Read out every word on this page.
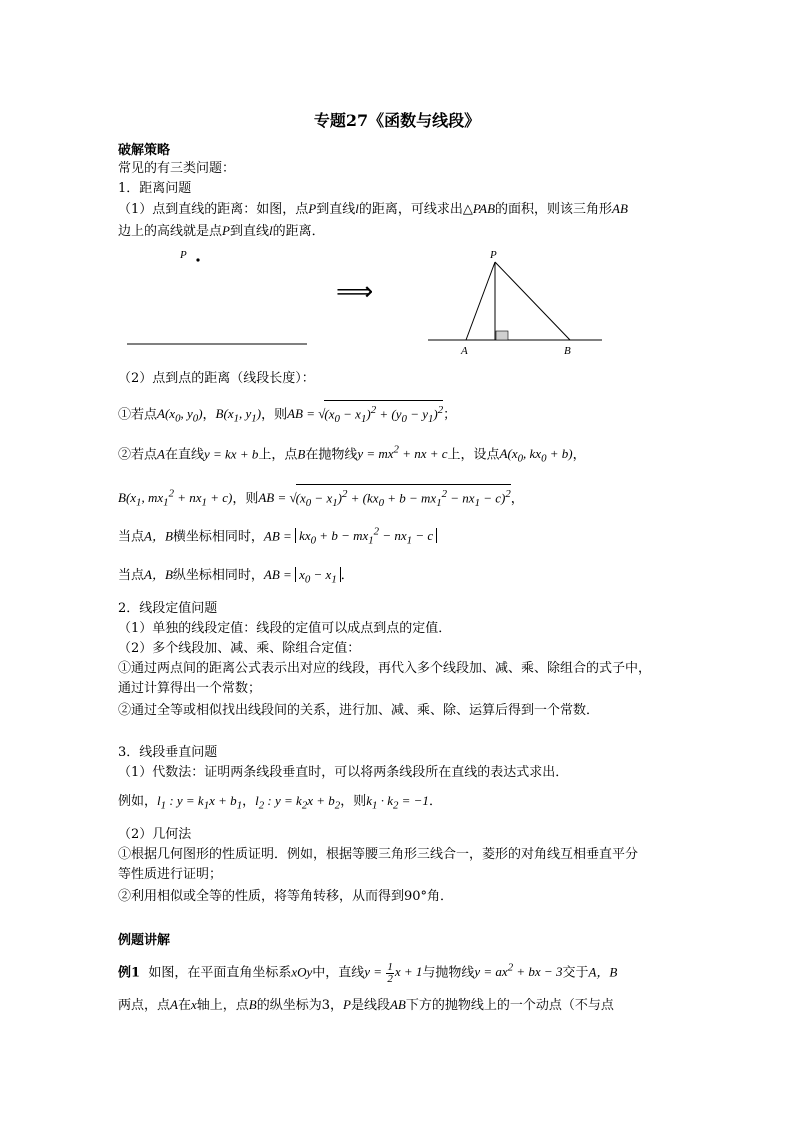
专题27《函数与线段》
破解策略
常见的有三类问题：
1．距离问题
（1）点到直线的距离：如图，点P到直线l的距离，可线求出△PAB的面积，则该三角形AB
边上的高线就是点P到直线l的距离．
P
⟹
P
A	B
（2）点到点的距离（线段长度）：
①若点$A(x_0$, $y_0$)，$B(x_1$, $y_1$)，则AB = $√(x_0 - x_1)^2 + (y_0 - y_1)^2$；
②若点A在直线y = kx + b上，点B在抛物线$y = mx^2$ + nx + c上，设点$A(x_0$, $kx_0 + b$)，
$B(x_1$, $mx_1^2 + nx_1 + c$)，则AB = $√(x_0 - x_1)^2 + (kx_0 + b - mx_1^2 - nx_1 - c)^2$，
当点A，B横坐标相同时，AB = $kx_0 + b - mx_1^2 - nx_1 - c$
当点A，B纵坐标相同时，AB = $x_0 - x_1$ ．
2．线段定值问题
（1）单独的线段定值：线段的定值可以成点到点的定值．
（2）多个线段加、减、乘、除组合定值：
①通过两点间的距离公式表示出对应的线段，再代入多个线段加、减、乘、除组合的式子中，
通过计算得出一个常数；
②通过全等或相似找出线段间的关系，进行加、减、乘、除、运算后得到一个常数．
3．线段垂直问题
（1）代数法：证明两条线段垂直时，可以将两条线段所在直线的表达式求出．
例如，$l_1$ : $y = k_1x + b_1$，$l_2$ : $y = k_2x + b_2$，则$k_1 \cdot k_2 = -1$．
（2）几何法
①根据几何图形的性质证明．例如，根据等腰三角形三线合一，菱形的对角线互相垂直平分
等性质进行证明；
②利用相似或全等的性质，将等角转移，从而得到90°角．
例题讲解
例1 如图，在平面直角坐标系xOy中，直线$y = \frac{1}{2}$ x + 1与抛物线$y = ax^2$ + bx − 3交于A，B
两点，点A在x轴上，点B的纵坐标为3，P是线段AB下方的抛物线上的一个动点（不与点
